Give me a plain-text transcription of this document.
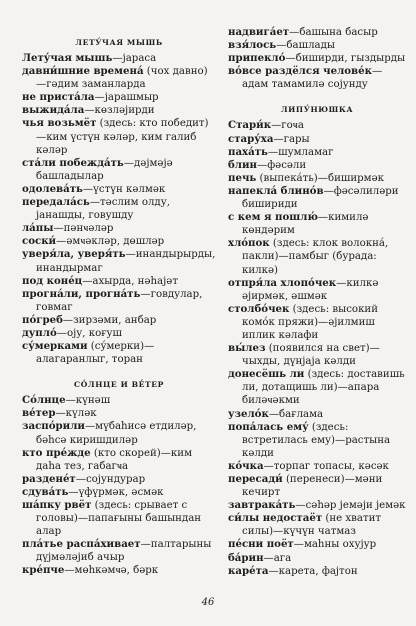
ЛЕТУ́ЧАЯ МЫШЬ
Лету́чая мышь—јараса
давни́шние времена́ (чох давно)—гәдим заманларда
не приста́ла—јарашмыр
выжида́ла—көзләјирди
чья возьмёт (здесь: кто победит)—ким үстүн кәләр, ким галиб кәләр
ста́ли побежда́ть—дәјмәјә башладылар
одолева́ть—үстүн кәлмәк
передала́сь—тәслим олду, јанашды, говушду
ла́пы—пәнҹәләр
соски́—әмҹәкләр, дөшләр
уверя́ла, уверя́ть—инандырырды, инандырмаг
под коне́ц—ахырда, нәһајәт
прогна́ли, прогна́ть—говдулар, говмаг
по́греб—зирзәми, анбар
дупло́—оју, коғуш
су́мерками (су́мерки)—алагаранлыг, торан
СО́ЛНЦЕ И ВЕ́ТЕР
Со́лнце—күнәш
ве́тер—күләк
заспо́рили—мүбаһисә етдиләр, бәһсә киришдиләр
кто пре́жде (кто скорей)—ким даһа тез, габагҹа
раздене́т—сојундурар
сдува́ть—үфүрмәк, әсмәк
ша́пку рвёт (здесь: срывает с головы)—папағыны башындан алар
пла́тье распа́хивает—палтарыны дүјмәләјиб ачыр
кре́пче—мөһкәмҹә, бәрк
надвига́ет—башына басыр
взя́лось—башлады
припекло́—биширди, гыздырды
во́все раздёлся челове́к—адам тамамилә сојунду
ЛИПУ́НЮШКА
Стари́к—гоҹа
стару́ха—гары
паха́ть—шумламаг
блин—фәсәли
печь (выпека́ть)—биширмәк
напекла́ блино́в—фәсәлиләри бишириди
с кем я пошлю́—кимилә көндәрим
хло́пок (здесь: клок волокна́, пакли)—памбыг (бурада: килкә)
отпря́ла хлопо́чек—килкә әјирмәк, әшмәк
столбо́чек (здесь: высокий комо́к пряжи)—әјилмиш иплик кәлафи
вы́лез (появился на свет)—чыхды, дүнјаја кәлди
донесёшь ли (здесь: доставишь ли, дотащишь ли)—апара биләҹәкми
узело́к—бағлама
попа́лась ему́ (здесь: встретилась ему)—растына кәлди
ко́чка—торпаг топасы, кәсәк
пересади́ (перенеси)—мәни кечирт
завтрака́ть—сәһәр јемәји јемәк
си́лы недостаёт (не хватит силы)—күчүн чатмаз
пе́сни поёт—маһны охујур
ба́рин—ага
каре́та—карета, фајтон
46
